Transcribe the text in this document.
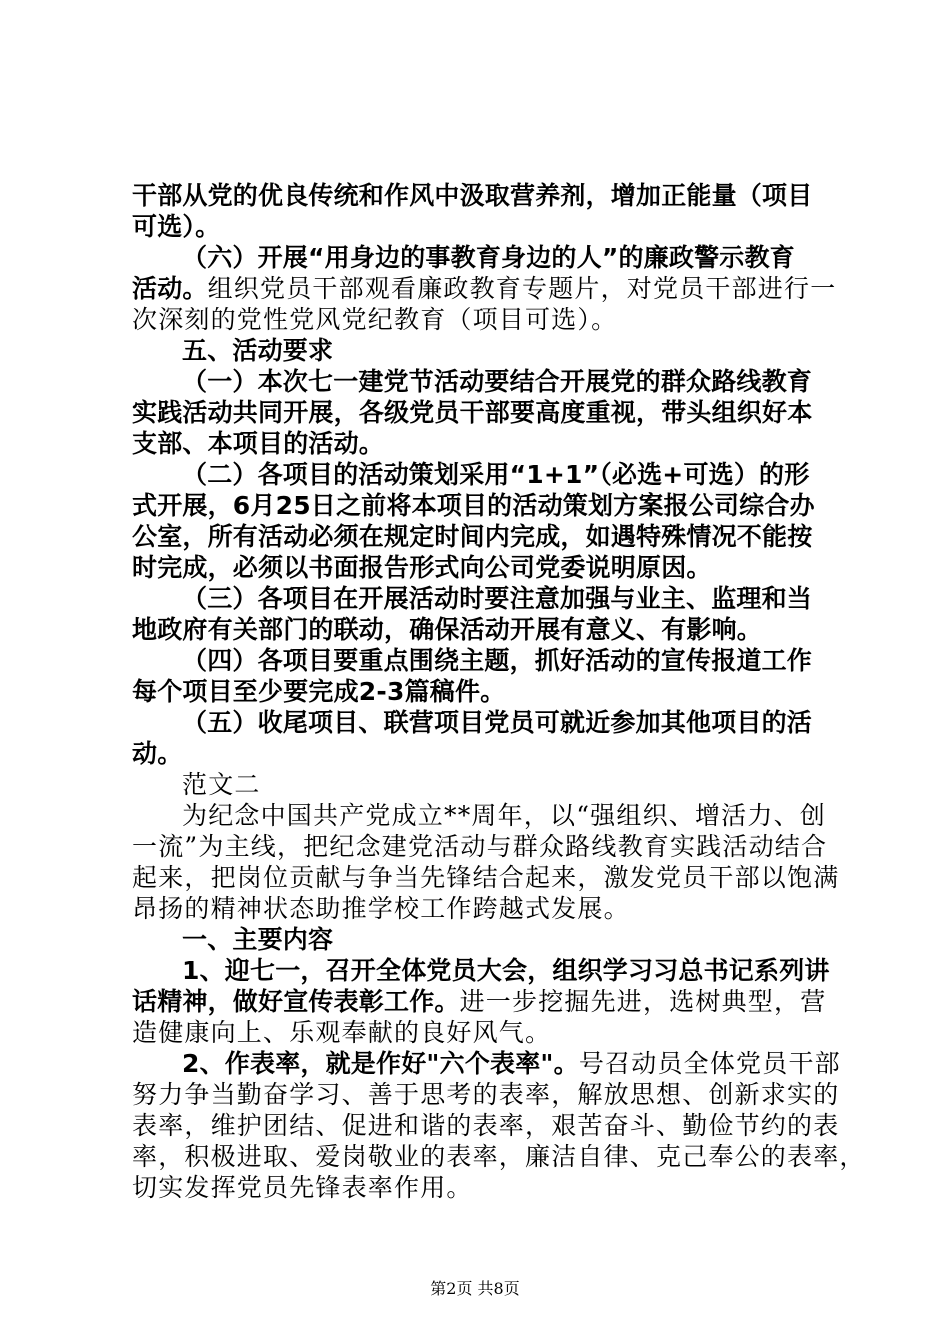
干部从党的优良传统和作风中汲取营养剂，增加正能量（项目
可选）。
（六）开展“用身边的事教育身边的人”的廉政警示教育
活动。组织党员干部观看廉政教育专题片，对党员干部进行一
次深刻的党性党风党纪教育（项目可选）。
五、活动要求
（一）本次七一建党节活动要结合开展党的群众路线教育
实践活动共同开展，各级党员干部要高度重视，带头组织好本
支部、本项目的活动。
（二）各项目的活动策划采用“1+1”（必选+可选）的形
式开展，6月25日之前将本项目的活动策划方案报公司综合办
公室，所有活动必须在规定时间内完成，如遇特殊情况不能按
时完成，必须以书面报告形式向公司党委说明原因。
（三）各项目在开展活动时要注意加强与业主、监理和当
地政府有关部门的联动，确保活动开展有意义、有影响。
（四）各项目要重点围绕主题，抓好活动的宣传报道工作
每个项目至少要完成2-3篇稿件。
（五）收尾项目、联营项目党员可就近参加其他项目的活
动。
范文二
为纪念中国共产党成立**周年，以“强组织、增活力、创
一流”为主线，把纪念建党活动与群众路线教育实践活动结合
起来，把岗位贡献与争当先锋结合起来，激发党员干部以饱满
昂扬的精神状态助推学校工作跨越式发展。
一、主要内容
1、迎七一，召开全体党员大会，组织学习习总书记系列讲
话精神，做好宣传表彰工作。进一步挖掘先进，选树典型，营
造健康向上、乐观奉献的良好风气。
2、作表率，就是作好"六个表率"。号召动员全体党员干部
努力争当勤奋学习、善于思考的表率，解放思想、创新求实的
表率，维护团结、促进和谐的表率，艰苦奋斗、勤俭节约的表
率，积极进取、爱岗敬业的表率，廉洁自律、克己奉公的表率，
切实发挥党员先锋表率作用。
第2页 共8页
